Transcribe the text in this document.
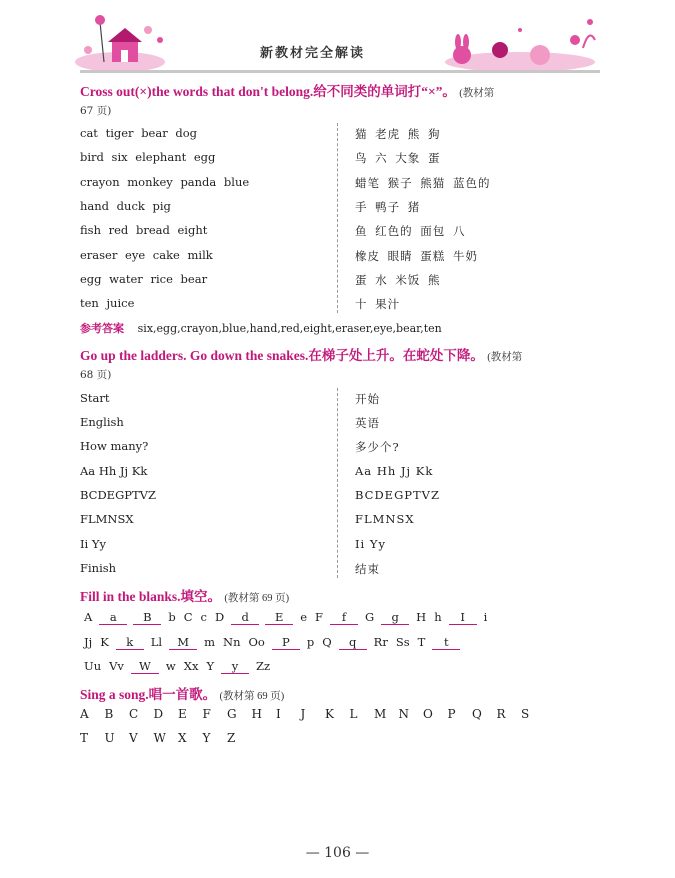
新教材完全解读
Cross out(×)the words that don't belong.给不同类的单词打“×”。 (教材第
67 页)
cat tiger bear dog
bird six elephant egg
crayon monkey panda blue
hand duck pig
fish red bread eight
eraser eye cake milk
egg water rice bear
ten juice
猫 老虎 熊 狗
鸟 六 大象 蛋
蜡笔 猴子 熊猫 蓝色的
手 鸭子 猪
鱼 红色的 面包 八
橡皮 眼睛 蛋糕 牛奶
蛋 水 米饭 熊
十 果汁
参考答案 six,egg,crayon,blue,hand,red,eight,eraser,eye,bear,ten
Go up the ladders. Go down the snakes.在梯子处上升。在蛇处下降。 (教材第
68 页)
Start
English
How many?
Aa Hh Jj Kk
BCDEGPTVZ
FLMNSX
Ii Yy
Finish
开始
英语
多少个?
Aa Hh Jj Kk
BCDEGPTVZ
FLMNSX
Ii Yy
结束
Fill in the blanks.填空。 (教材第 69 页)
A a B b C c D d E e F f G g H h I i
Jj K k Ll M m Nn Oo P p Q q Rr Ss T t
Uu Vv W w Xx Y y Zz
Sing a song.唱一首歌。 (教材第 69 页)
A B C D E F G H I J K L M N O P Q R S
T U V W X Y Z
— 106 —
